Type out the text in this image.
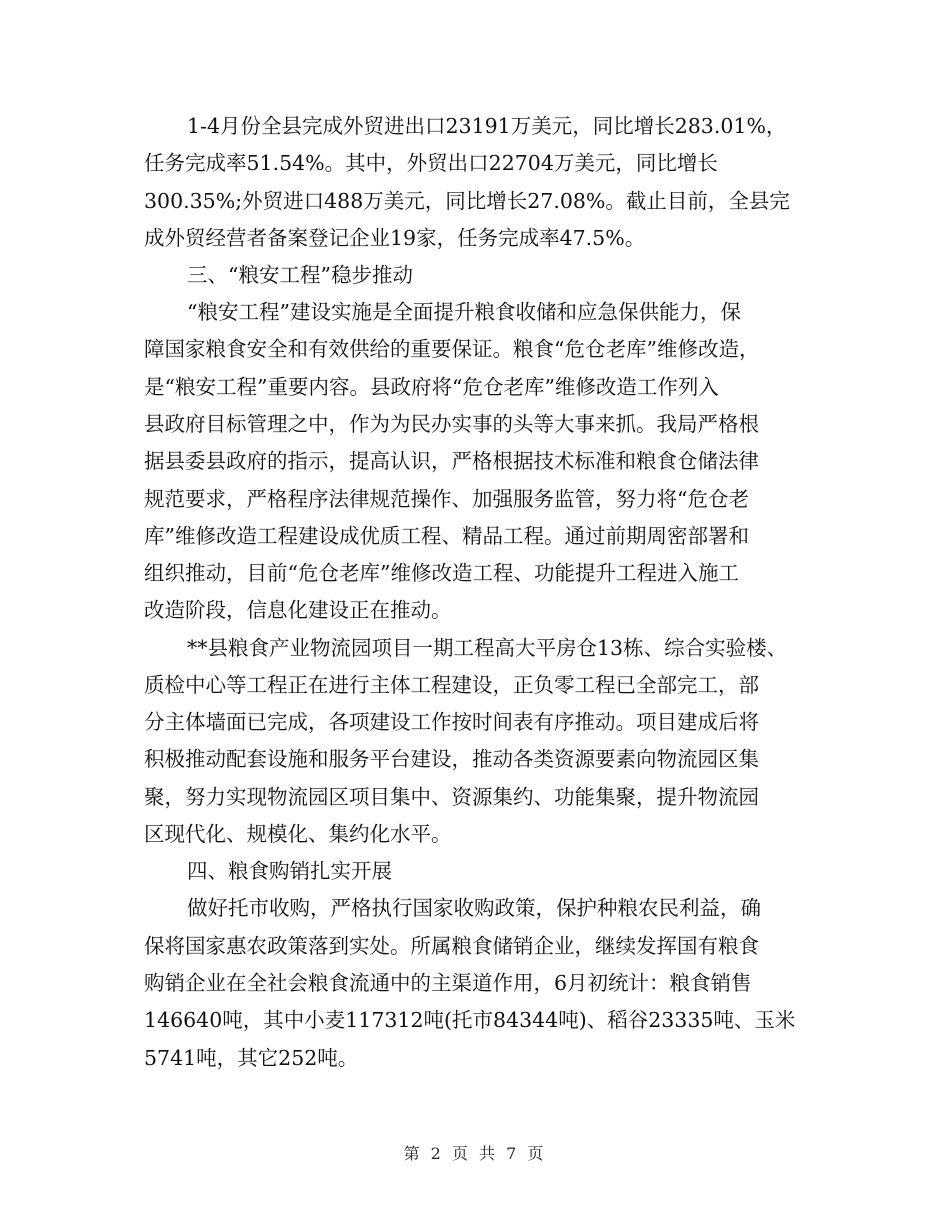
1-4月份全县完成外贸进出口23191万美元，同比增长283.01%，

任务完成率51.54%。其中，外贸出口22704万美元，同比增长

300.35%;外贸进口488万美元，同比增长27.08%。截止目前，全县完

成外贸经营者备案登记企业19家，任务完成率47.5%。

三、“粮安工程”稳步推动

“粮安工程”建设实施是全面提升粮食收储和应急保供能力，保

障国家粮食安全和有效供给的重要保证。粮食“危仓老库”维修改造，

是“粮安工程”重要内容。县政府将“危仓老库”维修改造工作列入

县政府目标管理之中，作为为民办实事的头等大事来抓。我局严格根

据县委县政府的指示，提高认识，严格根据技术标准和粮食仓储法律

规范要求，严格程序法律规范操作、加强服务监管，努力将“危仓老

库”维修改造工程建设成优质工程、精品工程。通过前期周密部署和

组织推动，目前“危仓老库”维修改造工程、功能提升工程进入施工

改造阶段，信息化建设正在推动。

**县粮食产业物流园项目一期工程高大平房仓13栋、综合实验楼、

质检中心等工程正在进行主体工程建设，正负零工程已全部完工，部

分主体墙面已完成，各项建设工作按时间表有序推动。项目建成后将

积极推动配套设施和服务平台建设，推动各类资源要素向物流园区集

聚，努力实现物流园区项目集中、资源集约、功能集聚，提升物流园

区现代化、规模化、集约化水平。

四、粮食购销扎实开展

做好托市收购，严格执行国家收购政策，保护种粮农民利益，确

保将国家惠农政策落到实处。所属粮食储销企业，继续发挥国有粮食

购销企业在全社会粮食流通中的主渠道作用，6月初统计：粮食销售

146640吨，其中小麦117312吨(托市84344吨)、稻谷23335吨、玉米

5741吨，其它252吨。

第 2 页 共 7 页
